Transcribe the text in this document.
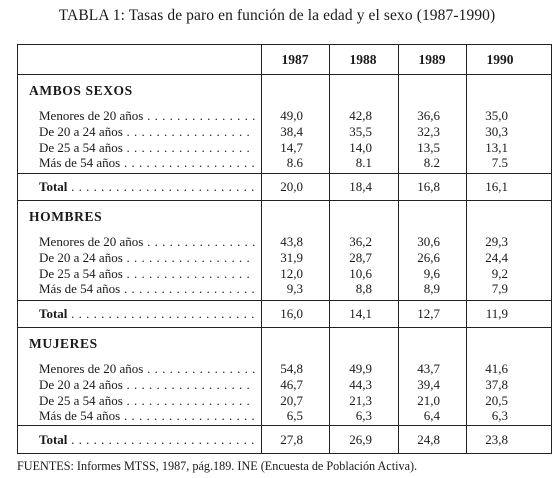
TABLA 1: Tasas de paro en función de la edad y el sexo (1987-1990)
1987	1988	1989	1990
AMBOS SEXOS
Menores de 20 años . . .	49,0	42,8	36,6	35,0
De 20 a 24 años . . .	38,4	35,5	32,3	30,3
De 25 a 54 años . . .	14,7	14,0	13,5	13,1
Más de 54 años . . .	8.6	8.1	8.2	7.5
Total . . .	20,0	18,4	16,8	16,1
HOMBRES
Menores de 20 años . . .	43,8	36,2	30,6	29,3
De 20 a 24 años . . .	31,9	28,7	26,6	24,4
De 25 a 54 años . . .	12,0	10,6	9,6	9,2
Más de 54 años . . .	9,3	8,8	8,9	7,9
Total . . .	16,0	14,1	12,7	11,9
MUJERES
Menores de 20 años . . .	54,8	49,9	43,7	41,6
De 20 a 24 años . . .	46,7	44,3	39,4	37,8
De 25 a 54 años . . .	20,7	21,3	21,0	20,5
Más de 54 años . . .	6,5	6,3	6,4	6,3
Total . . .	27,8	26,9	24,8	23,8
FUENTES: Informes MTSS, 1987, pág.189. INE (Encuesta de Población Activa).
